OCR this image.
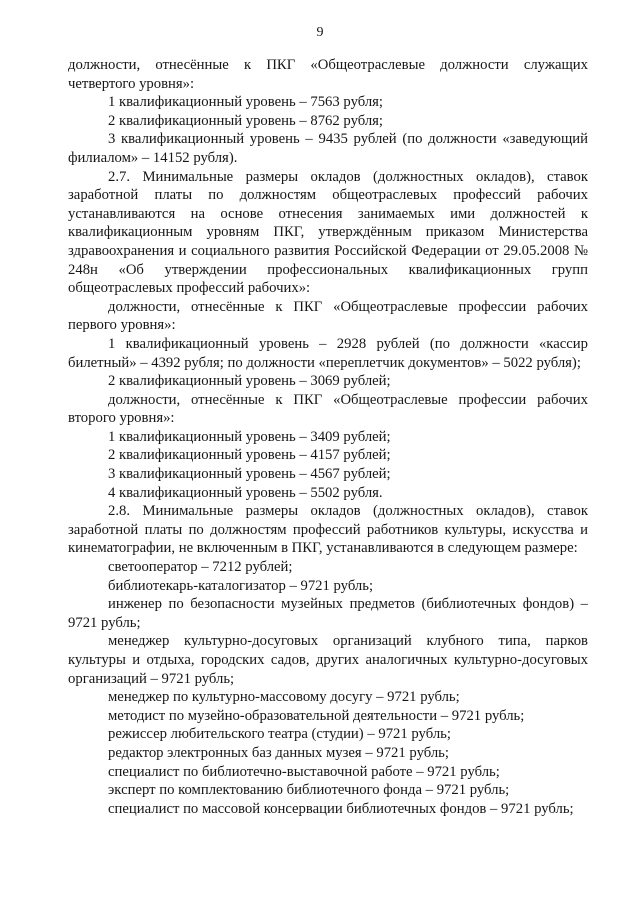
9

должности, отнесённые к ПКГ «Общеотраслевые должности служащих четвертого уровня»:

1 квалификационный уровень – 7563 рубля;

2 квалификационный уровень – 8762 рубля;

3 квалификационный уровень – 9435 рублей (по должности «заведующий филиалом» – 14152 рубля).

2.7. Минимальные размеры окладов (должностных окладов), ставок заработной платы по должностям общеотраслевых профессий рабочих устанавливаются на основе отнесения занимаемых ими должностей к квалификационным уровням ПКГ, утверждённым приказом Министерства здравоохранения и социального развития Российской Федерации от 29.05.2008 № 248н «Об утверждении профессиональных квалификационных групп общеотраслевых профессий рабочих»:

должности, отнесённые к ПКГ «Общеотраслевые профессии рабочих первого уровня»:

1 квалификационный уровень – 2928 рублей (по должности «кассир билетный» – 4392 рубля; по должности «переплетчик документов» – 5022 рубля);

2 квалификационный уровень – 3069 рублей;

должности, отнесённые к ПКГ «Общеотраслевые профессии рабочих второго уровня»:

1 квалификационный уровень – 3409 рублей;

2 квалификационный уровень – 4157 рублей;

3 квалификационный уровень – 4567 рублей;

4 квалификационный уровень – 5502 рубля.

2.8. Минимальные размеры окладов (должностных окладов), ставок заработной платы по должностям профессий работников культуры, искусства и кинематографии, не включенным в ПКГ, устанавливаются в следующем размере:

светооператор – 7212 рублей;

библиотекарь-каталогизатор – 9721 рубль;

инженер по безопасности музейных предметов (библиотечных фондов) – 9721 рубль;

менеджер культурно-досуговых организаций клубного типа, парков культуры и отдыха, городских садов, других аналогичных культурно-досуговых организаций – 9721 рубль;

менеджер по культурно-массовому досугу – 9721 рубль;

методист по музейно-образовательной деятельности – 9721 рубль;

режиссер любительского театра (студии) – 9721 рубль;

редактор электронных баз данных музея – 9721 рубль;

специалист по библиотечно-выставочной работе – 9721 рубль;

эксперт по комплектованию библиотечного фонда – 9721 рубль;

специалист по массовой консервации библиотечных фондов – 9721 рубль;
